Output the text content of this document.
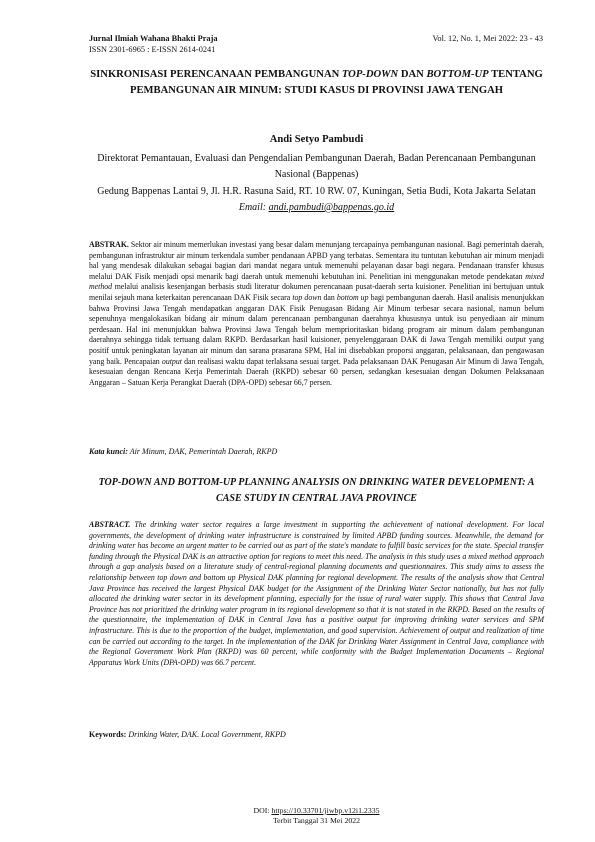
Jurnal Ilmiah Wahana Bhakti Praja
ISSN 2301-6965 : E-ISSN 2614-0241
Vol. 12, No. 1, Mei 2022: 23 - 43
SINKRONISASI PERENCANAAN PEMBANGUNAN TOP-DOWN DAN BOTTOM-UP TENTANG PEMBANGUNAN AIR MINUM: STUDI KASUS DI PROVINSI JAWA TENGAH
Andi Setyo Pambudi
Direktorat Pemantauan, Evaluasi dan Pengendalian Pembangunan Daerah, Badan Perencanaan Pembangunan Nasional (Bappenas)
Gedung Bappenas Lantai 9, Jl. H.R. Rasuna Said, RT. 10 RW. 07, Kuningan, Setia Budi, Kota Jakarta Selatan
Email: andi.pambudi@bappenas.go.id

ABSTRAK. Sektor air minum memerlukan investasi yang besar dalam menunjang tercapainya pembangunan nasional. Bagi pemerintah daerah, pembangunan infrastruktur air minum terkendala sumber pendanaan APBD yang terbatas. Sementara itu tuntutan kebutuhan air minum menjadi hal yang mendesak dilakukan sebagai bagian dari mandat negara untuk memenuhi pelayanan dasar bagi negara. Pendanaan transfer khusus melalui DAK Fisik menjadi opsi menarik bagi daerah untuk memenuhi kebutuhan ini. Penelitian ini menggunakan metode pendekatan mixed method melalui analisis kesenjangan berbasis studi literatur dokumen perencanaan pusat-daerah serta kuisioner. Penelitian ini bertujuan untuk menilai sejauh mana keterkaitan perencanaan DAK Fisik secara top down dan bottom up bagi pembangunan daerah. Hasil analisis menunjukkan bahwa Provinsi Jawa Tengah mendapatkan anggaran DAK Fisik Penugasan Bidang Air Minum terbesar secara nasional, namun belum sepenuhnya mengalokasikan bidang air minum dalam perencanaan pembangunan daerahnya khususnya untuk isu penyediaan air minum perdesaan. Hal ini menunjukkan bahwa Provinsi Jawa Tengah belum memprioritaskan bidang program air minum dalam pembangunan daerahnya sehingga tidak tertuang dalam RKPD. Berdasarkan hasil kuisioner, penyelenggaraan DAK di Jawa Tengah memiliki output yang positif untuk peningkatan layanan air minum dan sarana prasarana SPM, Hal ini disebabkan proporsi anggaran, pelaksanaan, dan pengawasan yang baik. Pencapaian output dan realisasi waktu dapat terlaksana sesuai target. Pada pelaksanaan DAK Penugasan Air Minum di Jawa Tengah, kesesuaian dengan Rencana Kerja Pemerintah Daerah (RKPD) sebesar 60 persen, sedangkan kesesuaian dengan Dokumen Pelaksanaan Anggaran – Satuan Kerja Perangkat Daerah (DPA-OPD) sebesar 66,7 persen.

Kata kunci: Air Minum, DAK, Pemerintah Daerah, RKPD
TOP-DOWN AND BOTTOM-UP PLANNING ANALYSIS ON DRINKING WATER DEVELOPMENT: A CASE STUDY IN CENTRAL JAVA PROVINCE

ABSTRACT. The drinking water sector requires a large investment in supporting the achievement of national development. For local governments, the development of drinking water infrastructure is constrained by limited APBD funding sources. Meanwhile, the demand for drinking water has become an urgent matter to be carried out as part of the state's mandate to fulfill basic services for the state. Special transfer funding through the Physical DAK is an attractive option for regions to meet this need. The analysis in this study uses a mixed method approach through a gap analysis based on a literature study of central-regional planning documents and questionnaires. This study aims to assess the relationship between top down and bottom up Physical DAK planning for regional development. The results of the analysis show that Central Java Province has received the largest Physical DAK budget for the Assignment of the Drinking Water Sector nationally, but has not fully allocated the drinking water sector in its development planning, especially for the issue of rural water supply. This shows that Central Java Province has not prioritized the drinking water program in its regional development so that it is not stated in the RKPD. Based on the results of the questionnaire, the implementation of DAK in Central Java has a positive output for improving drinking water services and SPM infrastructure. This is due to the proportion of the budget, implementation, and good supervision. Achievement of output and realization of time can be carried out according to the target. In the implementation of the DAK for Drinking Water Assignment in Central Java, compliance with the Regional Government Work Plan (RKPD) was 60 percent, while conformity with the Budget Implementation Documents – Regional Apparatus Work Units (DPA-OPD) was 66.7 percent.

Keywords: Drinking Water, DAK. Local Government, RKPD
DOI: https://10.33701/jiwbp.v12i1.2335
Terbit Tanggal 31 Mei 2022
